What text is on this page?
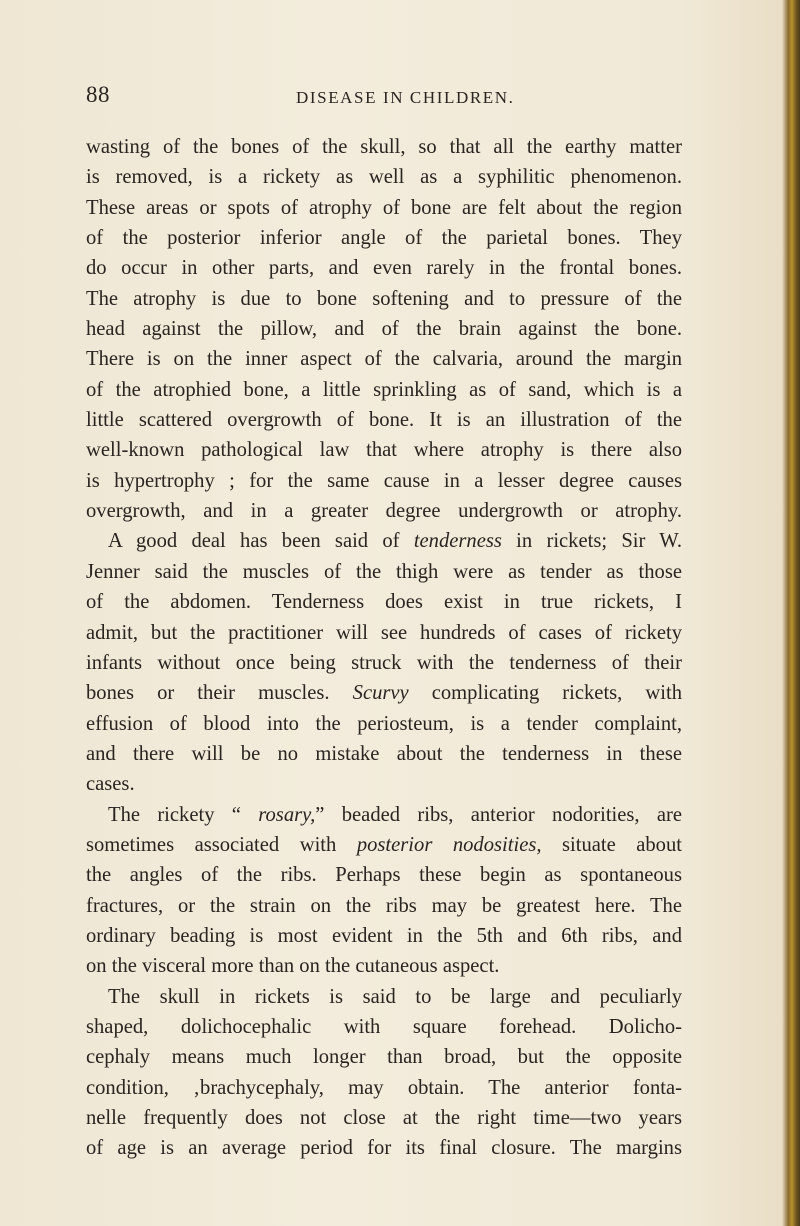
88	DISEASE IN CHILDREN.
wasting of the bones of the skull, so that all the earthy matter
is removed, is a rickety as well as a syphilitic phenomenon.
These areas or spots of atrophy of bone are felt about the region
of the posterior inferior angle of the parietal bones. They
do occur in other parts, and even rarely in the frontal bones.
The atrophy is due to bone softening and to pressure of the
head against the pillow, and of the brain against the bone.
There is on the inner aspect of the calvaria, around the margin
of the atrophied bone, a little sprinkling as of sand, which is a
little scattered overgrowth of bone. It is an illustration of the
well-known pathological law that where atrophy is there also
is hypertrophy ; for the same cause in a lesser degree causes
overgrowth, and in a greater degree undergrowth or atrophy.
A good deal has been said of tenderness in rickets; Sir W.
Jenner said the muscles of the thigh were as tender as those
of the abdomen. Tenderness does exist in true rickets, I
admit, but the practitioner will see hundreds of cases of rickety
infants without once being struck with the tenderness of their
bones or their muscles. Scurvy complicating rickets, with
effusion of blood into the periosteum, is a tender complaint,
and there will be no mistake about the tenderness in these
cases.
The rickety “ rosary,” beaded ribs, anterior nodorities, are
sometimes associated with posterior nodosities, situate about
the angles of the ribs. Perhaps these begin as spontaneous
fractures, or the strain on the ribs may be greatest here. The
ordinary beading is most evident in the 5th and 6th ribs, and
on the visceral more than on the cutaneous aspect.
The skull in rickets is said to be large and peculiarly
shaped, dolichocephalic with square forehead. Dolicho-
cephaly means much longer than broad, but the opposite
condition, ‚brachycephaly, may obtain. The anterior fonta-
nelle frequently does not close at the right time—two years
of age is an average period for its final closure. The margins
